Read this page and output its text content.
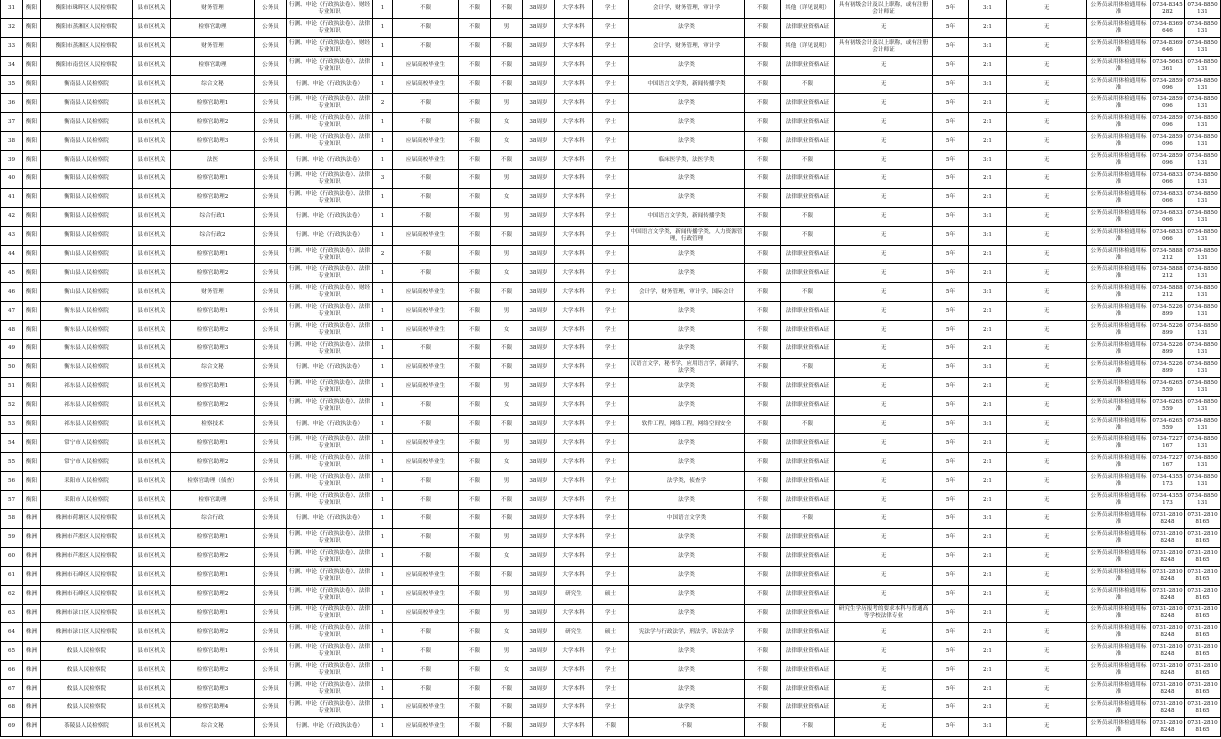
31	衡阳	衡阳市珠晖区人民检察院	县市区机关	财务管理	公务员	行测、申论（行政执法卷）、财经专业知识	1	不限	不限	不限	38周岁	大学本科	学士	会计学，财务管理，审计学	不限	其他（详见说明）	具有初级会计及以上职称，或有注册会计师证	5年	3:1	无	公务员录用体检通用标准	0734-8345282	0734-8850131
32	衡阳	衡阳市蒸湘区人民检察院	县市区机关	检察官助理	公务员	行测、申论（行政执法卷）、法律专业知识	1	不限	不限	男	38周岁	大学本科	学士	法学类	不限	法律职业资格A证	无	5年	2:1	无	公务员录用体检通用标准	0734-8369646	0734-8850131
33	衡阳	衡阳市蒸湘区人民检察院	县市区机关	财务管理	公务员	行测、申论（行政执法卷）、财经专业知识	1	不限	不限	不限	38周岁	大学本科	学士	会计学，财务管理，审计学	不限	其他（详见说明）	具有初级会计及以上职称，或有注册会计师证	5年	3:1	无	公务员录用体检通用标准	0734-8369646	0734-8850131
34	衡阳	衡阳市南岳区人民检察院	县市区机关	检察官助理	公务员	行测、申论（行政执法卷）、法律专业知识	1	应届高校毕业生	不限	不限	38周岁	大学本科	学士	法学类	不限	法律职业资格A证	无	5年	2:1	无	公务员录用体检通用标准	0734-5663361	0734-8850131
35	衡阳	衡南县人民检察院	县市区机关	综合文秘	公务员	行测、申论（行政执法卷）	1	应届高校毕业生	不限	不限	38周岁	大学本科	学士	中国语言文学类，新闻传播学类	不限	不限	无	5年	3:1	无	公务员录用体检通用标准	0734-2859096	0734-8850131
36	衡阳	衡南县人民检察院	县市区机关	检察官助理1	公务员	行测、申论（行政执法卷）、法律专业知识	2	不限	不限	男	38周岁	大学本科	学士	法学类	不限	法律职业资格A证	无	5年	2:1	无	公务员录用体检通用标准	0734-2859096	0734-8850131
37	衡阳	衡南县人民检察院	县市区机关	检察官助理2	公务员	行测、申论（行政执法卷）、法律专业知识	1	不限	不限	女	38周岁	大学本科	学士	法学类	不限	法律职业资格A证	无	5年	2:1	无	公务员录用体检通用标准	0734-2859096	0734-8850131
38	衡阳	衡南县人民检察院	县市区机关	检察官助理3	公务员	行测、申论（行政执法卷）、法律专业知识	1	应届高校毕业生	不限	女	38周岁	大学本科	学士	法学类	不限	法律职业资格A证	无	5年	2:1	无	公务员录用体检通用标准	0734-2859096	0734-8850131
39	衡阳	衡南县人民检察院	县市区机关	法医	公务员	行测、申论（行政执法卷）	1	应届高校毕业生	不限	不限	38周岁	大学本科	学士	临床医学类，法医学类	不限	不限	无	5年	3:1	无	公务员录用体检通用标准	0734-2859096	0734-8850131
40	衡阳	衡阳县人民检察院	县市区机关	检察官助理1	公务员	行测、申论（行政执法卷）、法律专业知识	3	不限	不限	男	38周岁	大学本科	学士	法学类	不限	法律职业资格A证	无	5年	2:1	无	公务员录用体检通用标准	0734-6833066	0734-8850131
41	衡阳	衡阳县人民检察院	县市区机关	检察官助理2	公务员	行测、申论（行政执法卷）、法律专业知识	1	不限	不限	女	38周岁	大学本科	学士	法学类	不限	法律职业资格A证	无	5年	2:1	无	公务员录用体检通用标准	0734-6833066	0734-8850131
42	衡阳	衡阳县人民检察院	县市区机关	综合行政1	公务员	行测、申论（行政执法卷）	1	不限	不限	男	38周岁	大学本科	学士	中国语言文学类，新闻传播学类	不限	不限	无	5年	3:1	无	公务员录用体检通用标准	0734-6833066	0734-8850131
43	衡阳	衡阳县人民检察院	县市区机关	综合行政2	公务员	行测、申论（行政执法卷）	1	应届高校毕业生	不限	不限	38周岁	大学本科	学士	中国语言文学类，新闻传播学类，人力资源管理，行政管理	不限	不限	无	5年	3:1	无	公务员录用体检通用标准	0734-6833066	0734-8850131
44	衡阳	衡山县人民检察院	县市区机关	检察官助理1	公务员	行测、申论（行政执法卷）、法律专业知识	2	不限	不限	男	38周岁	大学本科	学士	法学类	不限	法律职业资格A证	无	5年	2:1	无	公务员录用体检通用标准	0734-5888212	0734-8850131
45	衡阳	衡山县人民检察院	县市区机关	检察官助理2	公务员	行测、申论（行政执法卷）、法律专业知识	1	不限	不限	女	38周岁	大学本科	学士	法学类	不限	法律职业资格A证	无	5年	2:1	无	公务员录用体检通用标准	0734-5888212	0734-8850131
46	衡阳	衡山县人民检察院	县市区机关	财务管理	公务员	行测、申论（行政执法卷）、财经专业知识	1	应届高校毕业生	不限	不限	38周岁	大学本科	学士	会计学，财务管理，审计学，国际会计	不限	不限	无	5年	3:1	无	公务员录用体检通用标准	0734-5888212	0734-8850131
47	衡阳	衡东县人民检察院	县市区机关	检察官助理1	公务员	行测、申论（行政执法卷）、法律专业知识	1	应届高校毕业生	不限	男	38周岁	大学本科	学士	法学类	不限	法律职业资格A证	无	5年	2:1	无	公务员录用体检通用标准	0734-5226899	0734-8850131
48	衡阳	衡东县人民检察院	县市区机关	检察官助理2	公务员	行测、申论（行政执法卷）、法律专业知识	1	应届高校毕业生	不限	女	38周岁	大学本科	学士	法学类	不限	法律职业资格A证	无	5年	2:1	无	公务员录用体检通用标准	0734-5226899	0734-8850131
49	衡阳	衡东县人民检察院	县市区机关	检察官助理3	公务员	行测、申论（行政执法卷）、法律专业知识	1	不限	不限	不限	38周岁	大学本科	学士	法学类	不限	法律职业资格A证	无	5年	2:1	无	公务员录用体检通用标准	0734-5226899	0734-8850131
50	衡阳	衡东县人民检察院	县市区机关	综合文秘	公务员	行测、申论（行政执法卷）	1	应届高校毕业生	不限	不限	38周岁	大学本科	学士	汉语言文学，秘书学，应用语言学，新闻学，法学类	不限	不限	无	5年	3:1	无	公务员录用体检通用标准	0734-5226899	0734-8850131
51	衡阳	祁东县人民检察院	县市区机关	检察官助理1	公务员	行测、申论（行政执法卷）、法律专业知识	1	应届高校毕业生	不限	男	38周岁	大学本科	学士	法学类	不限	法律职业资格A证	无	5年	2:1	无	公务员录用体检通用标准	0734-6265559	0734-8850131
52	衡阳	祁东县人民检察院	县市区机关	检察官助理2	公务员	行测、申论（行政执法卷）、法律专业知识	1	不限	不限	女	38周岁	大学本科	学士	法学类	不限	法律职业资格A证	无	5年	2:1	无	公务员录用体检通用标准	0734-6265559	0734-8850131
53	衡阳	祁东县人民检察院	县市区机关	检察技术	公务员	行测、申论（行政执法卷）	1	不限	不限	不限	38周岁	大学本科	学士	软件工程，网络工程，网络空间安全	不限	不限	无	5年	3:1	无	公务员录用体检通用标准	0734-6265559	0734-8850131
54	衡阳	常宁市人民检察院	县市区机关	检察官助理1	公务员	行测、申论（行政执法卷）、法律专业知识	1	应届高校毕业生	不限	男	38周岁	大学本科	学士	法学类	不限	法律职业资格A证	无	5年	2:1	无	公务员录用体检通用标准	0734-7227167	0734-8850131
55	衡阳	常宁市人民检察院	县市区机关	检察官助理2	公务员	行测、申论（行政执法卷）、法律专业知识	1	应届高校毕业生	不限	女	38周岁	大学本科	学士	法学类	不限	法律职业资格A证	无	5年	2:1	无	公务员录用体检通用标准	0734-7227167	0734-8850131
56	衡阳	耒阳市人民检察院	县市区机关	检察官助理（侦查）	公务员	行测、申论（行政执法卷）、法律专业知识	1	不限	不限	男	38周岁	大学本科	学士	法学类，侦查学	不限	法律职业资格A证	无	5年	2:1	无	公务员录用体检通用标准	0734-4355173	0734-8850131
57	衡阳	耒阳市人民检察院	县市区机关	检察官助理	公务员	行测、申论（行政执法卷）、法律专业知识	1	不限	不限	不限	38周岁	大学本科	学士	法学类	不限	法律职业资格A证	无	5年	2:1	无	公务员录用体检通用标准	0734-4355173	0734-8850131
58	株洲	株洲市荷塘区人民检察院	县市区机关	综合行政	公务员	行测、申论（行政执法卷）	1	不限	不限	不限	38周岁	大学本科	学士	中国语言文学类	不限	不限	无	5年	3:1	无	公务员录用体检通用标准	0731-28108248	0731-28108165
59	株洲	株洲市芦淞区人民检察院	县市区机关	检察官助理1	公务员	行测、申论（行政执法卷）、法律专业知识	1	不限	不限	男	38周岁	大学本科	学士	法学类	不限	法律职业资格A证	无	5年	2:1	无	公务员录用体检通用标准	0731-28108248	0731-28108165
60	株洲	株洲市芦淞区人民检察院	县市区机关	检察官助理2	公务员	行测、申论（行政执法卷）、法律专业知识	1	不限	不限	女	38周岁	大学本科	学士	法学类	不限	法律职业资格A证	无	5年	2:1	无	公务员录用体检通用标准	0731-28108248	0731-28108165
61	株洲	株洲市石峰区人民检察院	县市区机关	检察官助理1	公务员	行测、申论（行政执法卷）、法律专业知识	1	应届高校毕业生	不限	不限	38周岁	大学本科	学士	法学类	不限	法律职业资格A证	无	5年	2:1	无	公务员录用体检通用标准	0731-28108248	0731-28108165
62	株洲	株洲市石峰区人民检察院	县市区机关	检察官助理2	公务员	行测、申论（行政执法卷）、法律专业知识	1	应届高校毕业生	不限	男	38周岁	研究生	硕士	法学类	不限	法律职业资格A证	无	5年	2:1	无	公务员录用体检通用标准	0731-28108248	0731-28108165
63	株洲	株洲市渌口区人民检察院	县市区机关	检察官助理1	公务员	行测、申论（行政执法卷）、法律专业知识	1	应届高校毕业生	不限	男	38周岁	大学本科	学士	法学类	不限	法律职业资格A证	研究生学历报考的要求本科与普通高等学校法律专业	5年	2:1	无	公务员录用体检通用标准	0731-28108248	0731-28108165
64	株洲	株洲市渌口区人民检察院	县市区机关	检察官助理2	公务员	行测、申论（行政执法卷）、法律专业知识	1	不限	不限	女	38周岁	研究生	硕士	宪法学与行政法学，刑法学，诉讼法学	不限	法律职业资格A证	无	5年	2:1	无	公务员录用体检通用标准	0731-28108248	0731-28108165
65	株洲	攸县人民检察院	县市区机关	检察官助理1	公务员	行测、申论（行政执法卷）、法律专业知识	1	不限	不限	男	38周岁	大学本科	学士	法学类	不限	法律职业资格A证	无	5年	2:1	无	公务员录用体检通用标准	0731-28108248	0731-28108165
66	株洲	攸县人民检察院	县市区机关	检察官助理2	公务员	行测、申论（行政执法卷）、法律专业知识	1	不限	不限	女	38周岁	大学本科	学士	法学类	不限	法律职业资格A证	无	5年	2:1	无	公务员录用体检通用标准	0731-28108248	0731-28108165
67	株洲	攸县人民检察院	县市区机关	检察官助理3	公务员	行测、申论（行政执法卷）、法律专业知识	1	不限	不限	不限	38周岁	大学本科	学士	法学类	不限	法律职业资格A证	无	5年	2:1	无	公务员录用体检通用标准	0731-28108248	0731-28108165
68	株洲	攸县人民检察院	县市区机关	检察官助理4	公务员	行测、申论（行政执法卷）、法律专业知识	1	应届高校毕业生	不限	不限	38周岁	大学本科	学士	法学类	不限	法律职业资格A证	无	5年	2:1	无	公务员录用体检通用标准	0731-28108248	0731-28108165
69	株洲	茶陵县人民检察院	县市区机关	综合文秘	公务员	行测、申论（行政执法卷）	1	应届高校毕业生	不限	不限	38周岁	大学本科	不限	不限	不限	不限	无	5年	3:1	无	公务员录用体检通用标准	0731-28108248	0731-28108165
